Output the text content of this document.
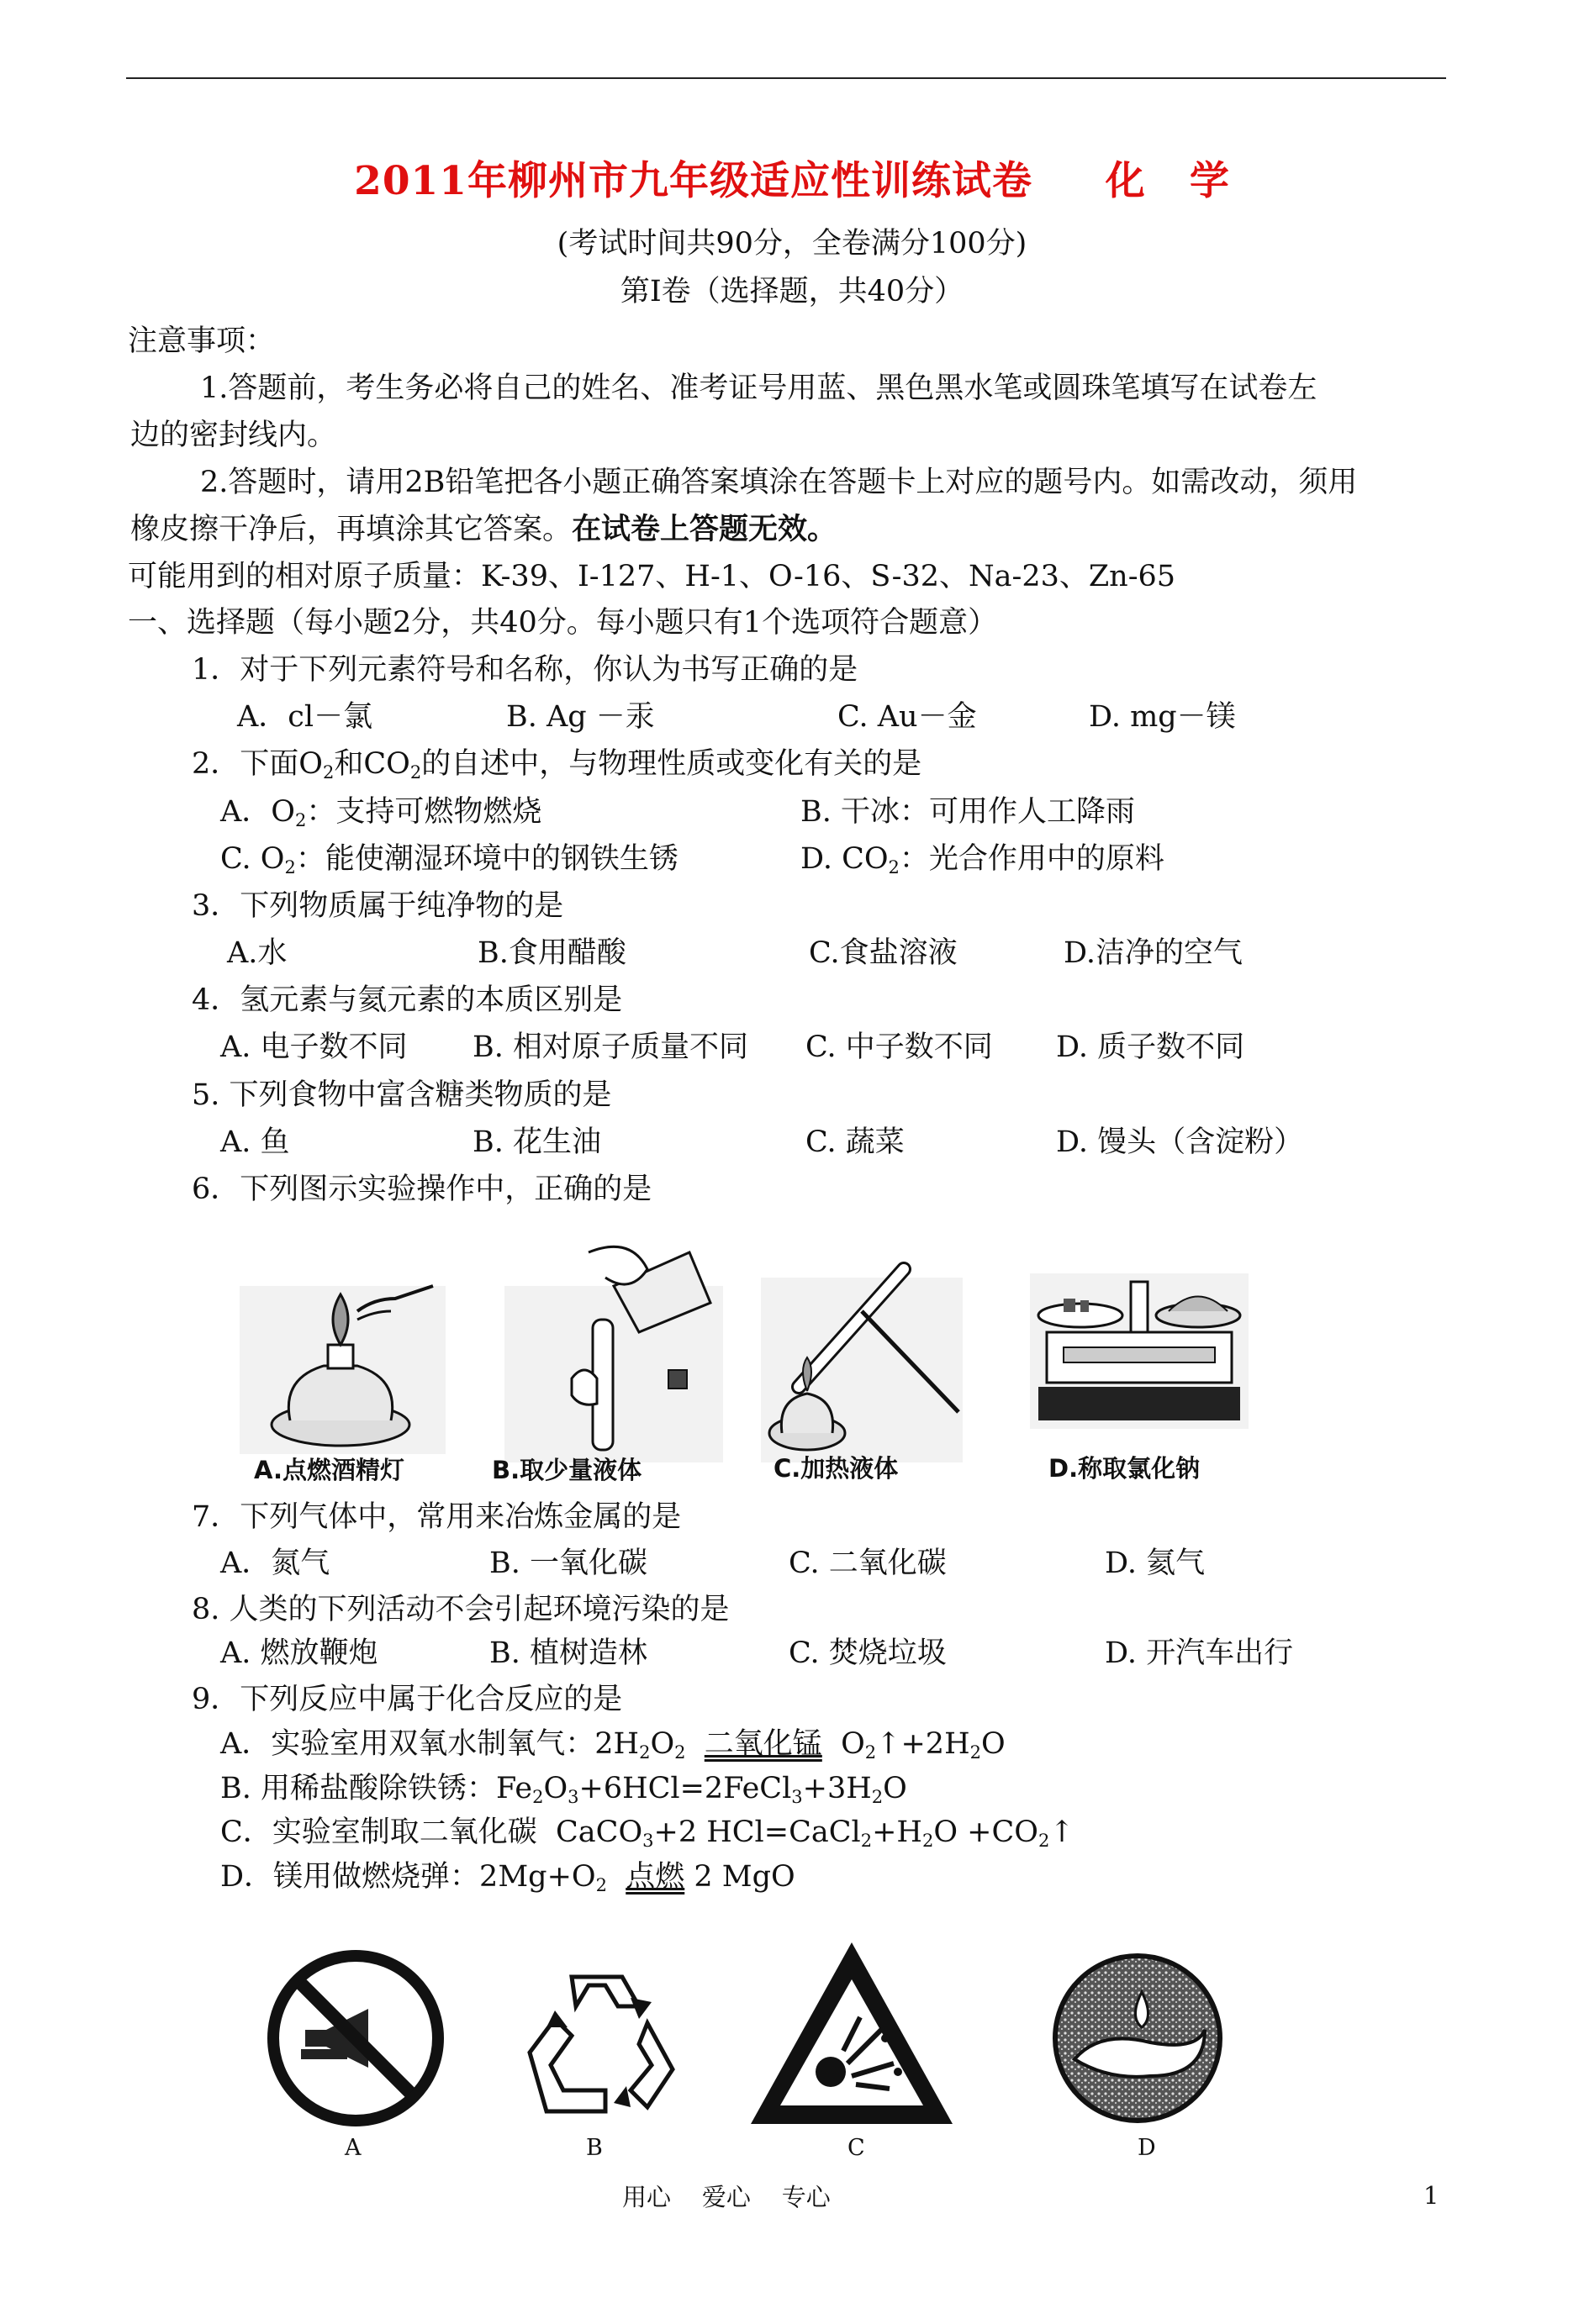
2011年柳州市九年级适应性训练试卷     化   学
(考试时间共90分，全卷满分100分)
第Ⅰ卷（选择题，共40分）
注意事项：
1.答题前，考生务必将自己的姓名、准考证号用蓝、黑色黑水笔或圆珠笔填写在试卷左
边的密封线内。
2.答题时，请用2B铅笔把各小题正确答案填涂在答题卡上对应的题号内。如需改动，须用
橡皮擦干净后，再填涂其它答案。在试卷上答题无效。
可能用到的相对原子质量：K-39、I-127、H-1、O-16、S-32、Na-23、Zn-65
一、选择题（每小题2分，共40分。每小题只有1个选项符合题意）
1．对于下列元素符号和名称，你认为书写正确的是
A．cl－氯	B. Ag －汞	C. Au－金	D. mg－镁
2．下面$O_2$和$CO_2$的自述中，与物理性质或变化有关的是
A．$O_2$：支持可燃物燃烧	B. 干冰：可用作人工降雨
C. $O_2$：能使潮湿环境中的钢铁生锈	D. $CO_2$：光合作用中的原料
3．下列物质属于纯净物的是
A.水	B.食用醋酸	C.食盐溶液	D.洁净的空气
4．氢元素与氦元素的本质区别是
A. 电子数不同 B. 相对原子质量不同 C. 中子数不同 D. 质子数不同
5. 下列食物中富含糖类物质的是
A. 鱼	B. 花生油	C. 蔬菜	D. 馒头（含淀粉）
6．下列图示实验操作中，正确的是
A.点燃酒精灯	B.取少量液体	C.加热液体	D.称取氯化钠
7．下列气体中，常用来冶炼金属的是
A．氮气	B. 一氧化碳	C. 二氧化碳	D. 氦气
8. 人类的下列活动不会引起环境污染的是
A. 燃放鞭炮	B. 植树造林	C. 焚烧垃圾	D. 开汽车出行
9．下列反应中属于化合反应的是
A．实验室用双氧水制氧气：$2H_2O_2$ 二氧化锰 $O_2↑+2H_2O$
B. 用稀盐酸除铁锈：$Fe_2O_3+6HCl=2FeCl_3+3H_2O$
C．实验室制取二氧化碳  CaCO$_3$+2 $HCl=CaCl_2+H_2O$ $+CO_2↑$
D．镁用做燃烧弹：$2Mg+O_2$ 点燃 2 MgO
A	B	C	D
用心    爱心    专心	1
